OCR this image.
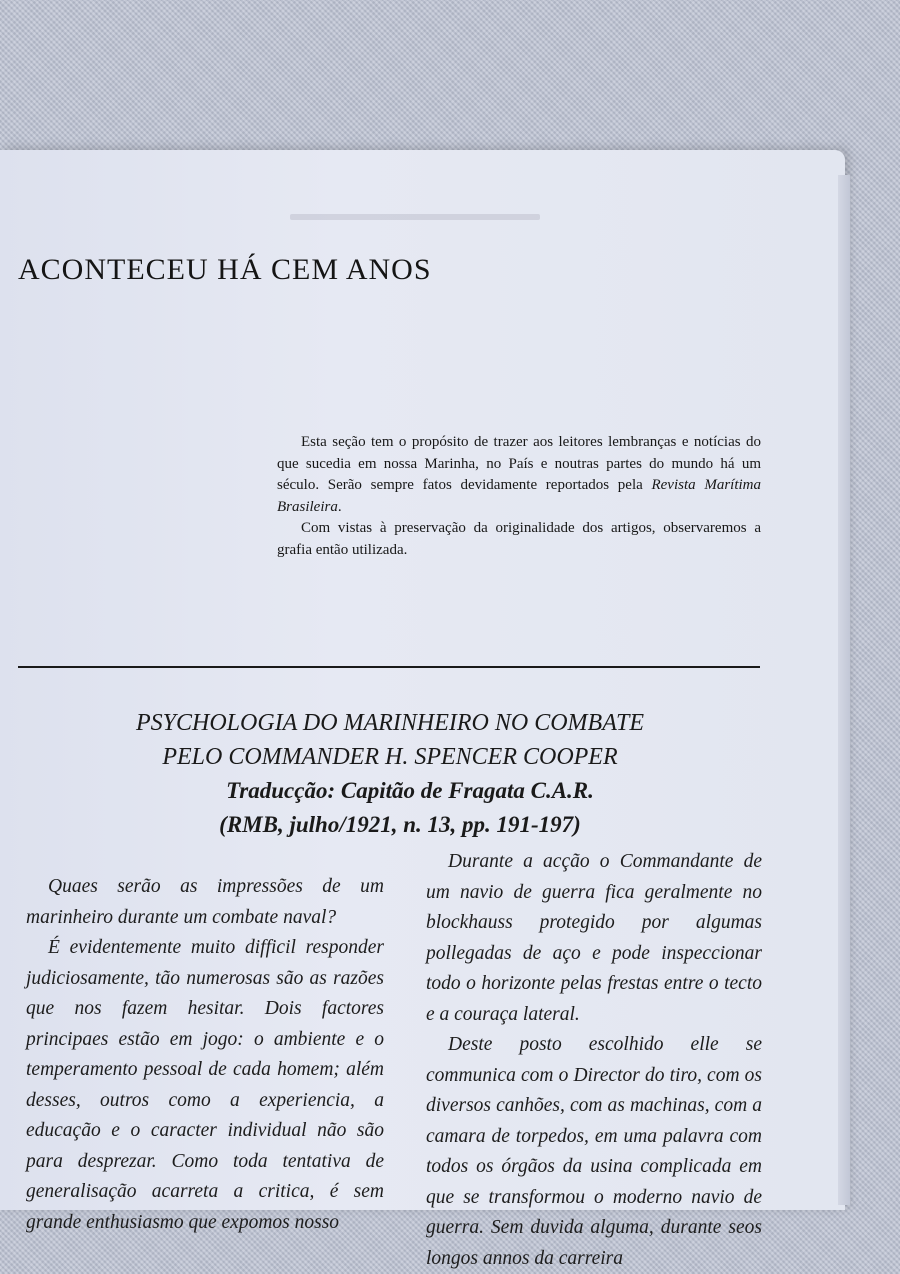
ACONTECEU HÁ CEM ANOS

Esta seção tem o propósito de trazer aos leitores lembranças e notícias do que sucedia em nossa Marinha, no País e noutras partes do mundo há um século. Serão sempre fatos devidamente reportados pela Revista Marítima Brasileira.

Com vistas à preservação da originalidade dos artigos, observaremos a grafia então utilizada.

PSYCHOLOGIA DO MARINHEIRO NO COMBATE
PELO COMMANDER H. SPENCER COOPER
Traducção: Capitão de Fragata C.A.R.
(RMB, julho/1921, n. 13, pp. 191-197)

Quaes serão as impressões de um marinheiro durante um combate naval?

É evidentemente muito difficil responder judiciosamente, tão numerosas são as razões que nos fazem hesitar. Dois factores principaes estão em jogo: o ambiente e o temperamento pessoal de cada homem; além desses, outros como a experiencia, a educação e o caracter individual não são para desprezar. Como toda tentativa de generalisação acarreta a critica, é sem grande enthusiasmo que expomos nosso

Durante a acção o Commandante de um navio de guerra fica geralmente no blockhauss protegido por algumas pollegadas de aço e pode inspeccionar todo o horizonte pelas frestas entre o tecto e a couraça lateral.

Deste posto escolhido elle se communica com o Director do tiro, com os diversos canhões, com as machinas, com a camara de torpedos, em uma palavra com todos os órgãos da usina complicada em que se transformou o moderno navio de guerra. Sem duvida alguma, durante seos longos annos da carreira
